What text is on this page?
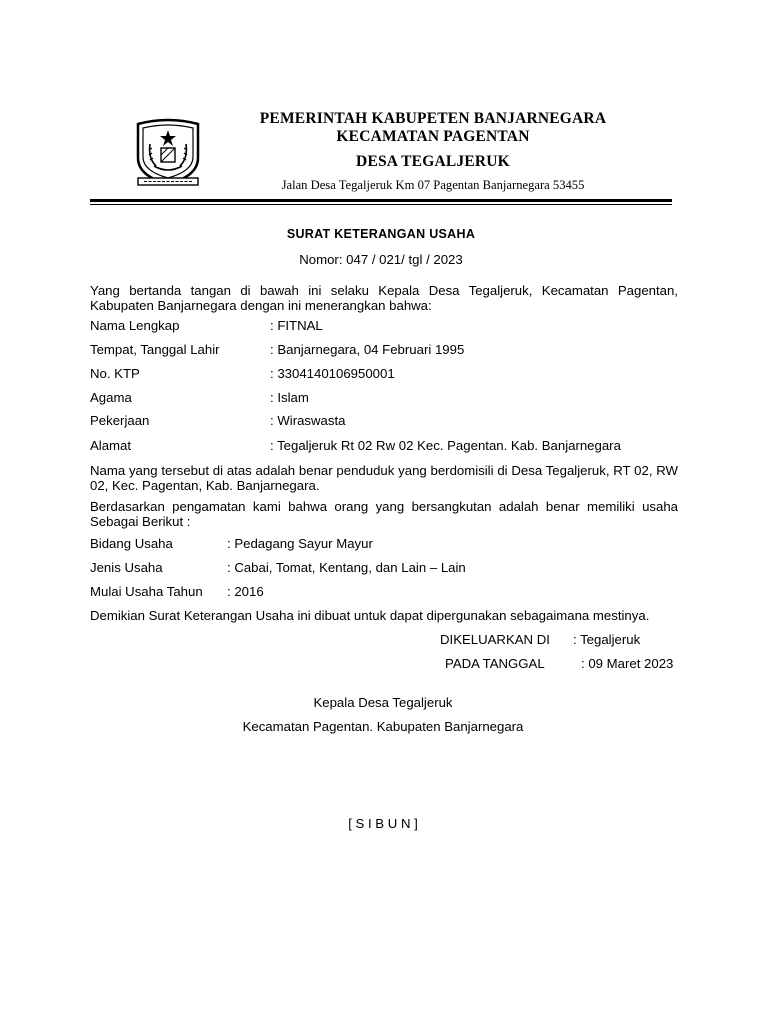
PEMERINTAH KABUPETEN BANJARNEGARA
KECAMATAN PAGENTAN
DESA TEGALJERUK
Jalan Desa Tegaljeruk Km 07 Pagentan Banjarnegara 53455
SURAT KETERANGAN USAHA
Nomor: 047 / 021/ tgl / 2023
Yang bertanda tangan di bawah ini selaku Kepala Desa Tegaljeruk, Kecamatan Pagentan, Kabupaten Banjarnegara dengan ini menerangkan bahwa:
Nama Lengkap	: FITNAL
Tempat, Tanggal Lahir	: Banjarnegara, 04 Februari 1995
No. KTP	: 3304140106950001
Agama	: Islam
Pekerjaan	: Wiraswasta
Alamat	: Tegaljeruk Rt 02 Rw 02 Kec. Pagentan. Kab. Banjarnegara
Nama yang tersebut di atas adalah benar penduduk yang berdomisili di Desa Tegaljeruk, RT 02, RW 02, Kec. Pagentan, Kab. Banjarnegara.
Berdasarkan pengamatan kami bahwa orang yang bersangkutan adalah benar memiliki usaha Sebagai Berikut :
Bidang Usaha	: Pedagang Sayur Mayur
Jenis Usaha	: Cabai, Tomat, Kentang, dan Lain – Lain
Mulai Usaha Tahun : 2016
Demikian Surat Keterangan Usaha ini dibuat untuk dapat dipergunakan sebagaimana mestinya.
DIKELUARKAN DI : Tegaljeruk
PADA TANGGAL	: 09 Maret 2023
Kepala Desa Tegaljeruk
Kecamatan Pagentan. Kabupaten Banjarnegara
[ S I B U N ]
